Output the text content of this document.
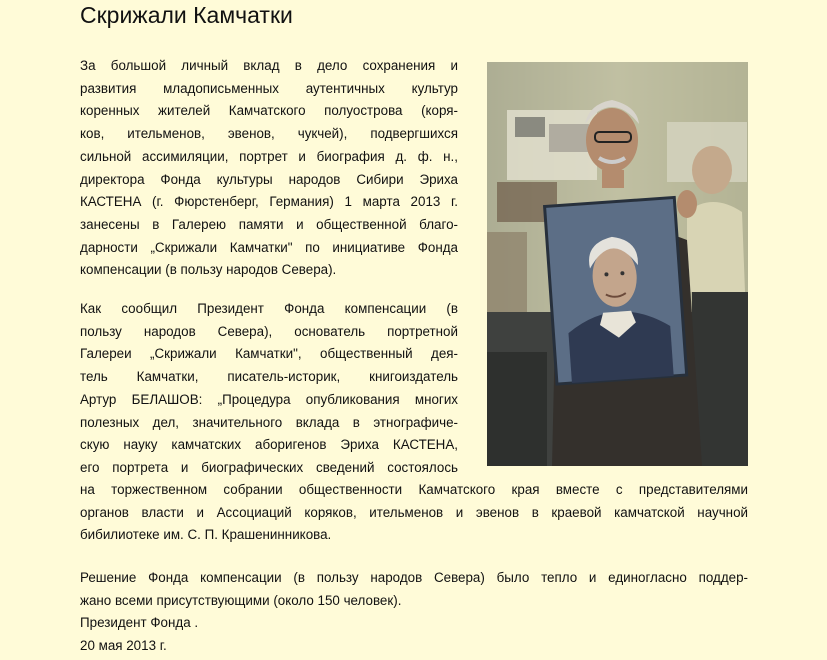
Скрижали Камчатки
За большой личный вклад в дело сохранения и
развития младописьменных аутентичных культур
коренных жителей Камчатского полуострова (коря-
ков, ительменов, эвенов, чукчей), подвергшихся
сильной ассимиляции, портрет и биография д. ф. н.,
директора Фонда культуры народов Сибири Эриха
КАСТЕНА (г. Фюрстенберг, Германия) 1 марта 2013 г.
занесены в Галерею памяти и общественной благо-
дарности „Скрижали Камчатки" по инициативе Фонда
компенсации (в пользу народов Севера).
Как сообщил Президент Фонда компенсации (в
пользу народов Севера), основатель портретной
Галереи „Скрижали Камчатки", общественный дея-
тель Камчатки, писатель-историк, книгоиздатель
Артур БЕЛАШОВ: „Процедура опубликования многих
полезных дел, значительного вклада в этнографиче-
скую науку камчатских аборигенов Эриха КАСТЕНА,
его портрета и биографических сведений состоялось
на торжественном собрании общественности Камчатского края вместе с представителями
органов власти и Ассоциаций коряков, ительменов и эвенов в краевой камчатской научной
бибилиотеке им. С. П. Крашенинникова.
Решение Фонда компенсации (в пользу народов Севера) было тепло и единогласно поддер-
жано всеми присутствующими (около 150 человек).
Президент Фонда .
20 мая 2013 г.
